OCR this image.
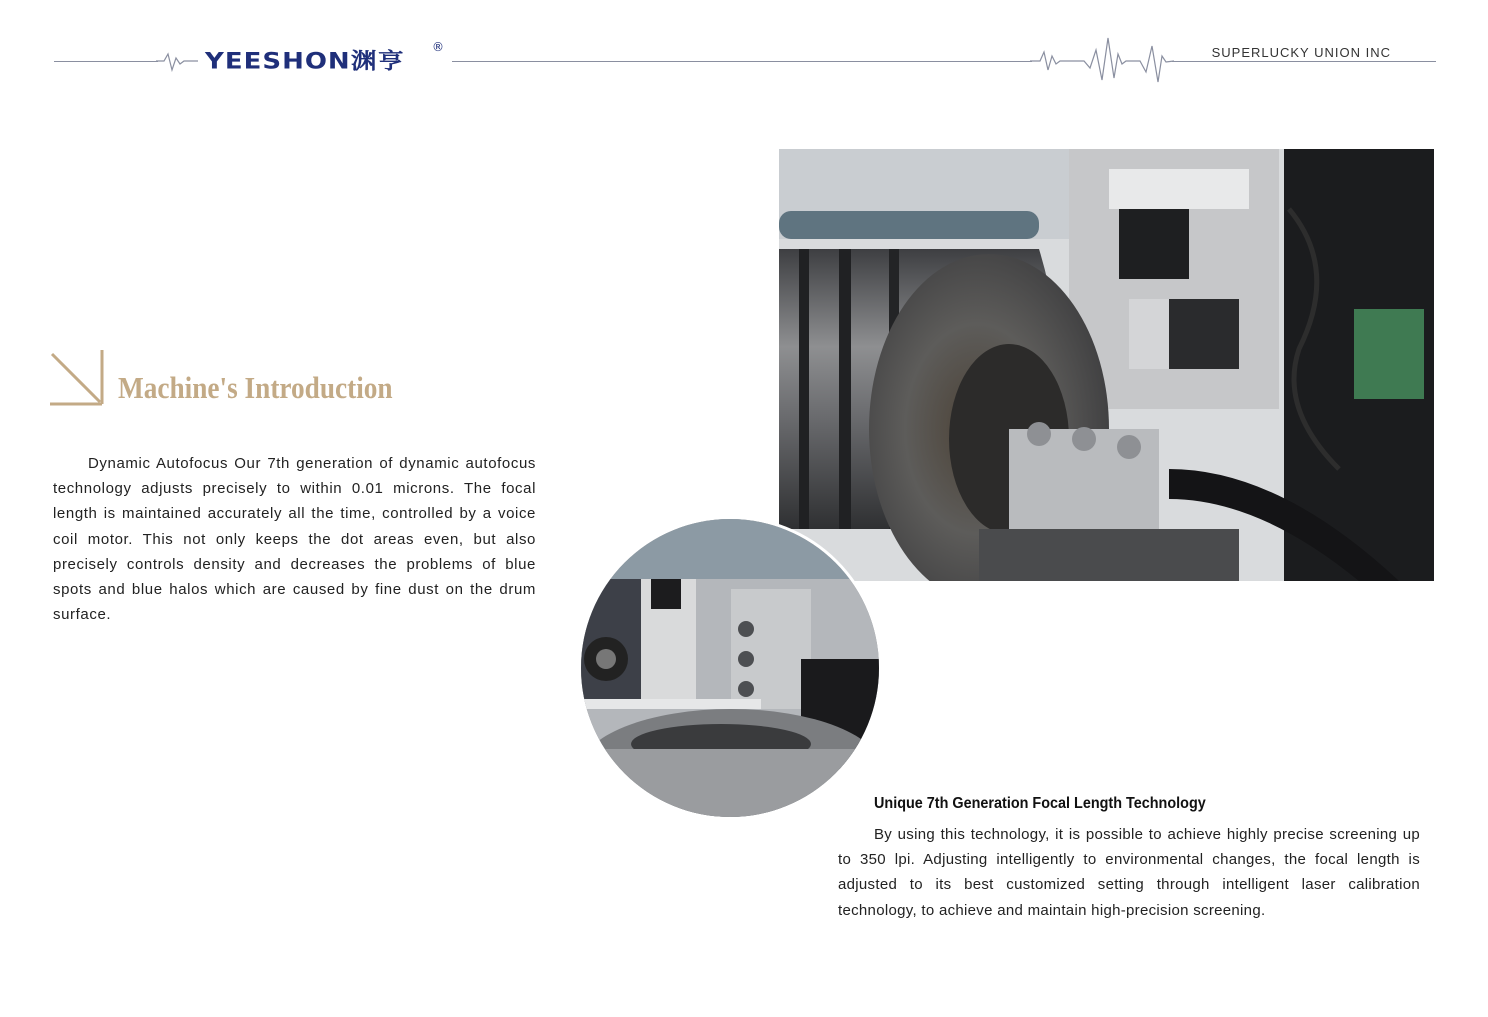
YEESHON渊亨
®	SUPERLUCKY UNION INC
Machine's Introduction

Dynamic Autofocus Our 7th generation of dynamic autofocus technology adjusts precisely to within 0.01 microns. The focal length is maintained accurately all the time, controlled by a voice coil motor. This not only keeps the dot areas even, but also precisely controls density and decreases the problems of blue spots and blue halos which are caused by fine dust on the drum surface.

Unique 7th Generation Focal Length Technology

By using this technology, it is possible to achieve highly precise screening up to 350 lpi. Adjusting intelligently to environmental changes, the focal length is adjusted to its best customized setting through intelligent laser calibration technology, to achieve and maintain high-precision screening.
